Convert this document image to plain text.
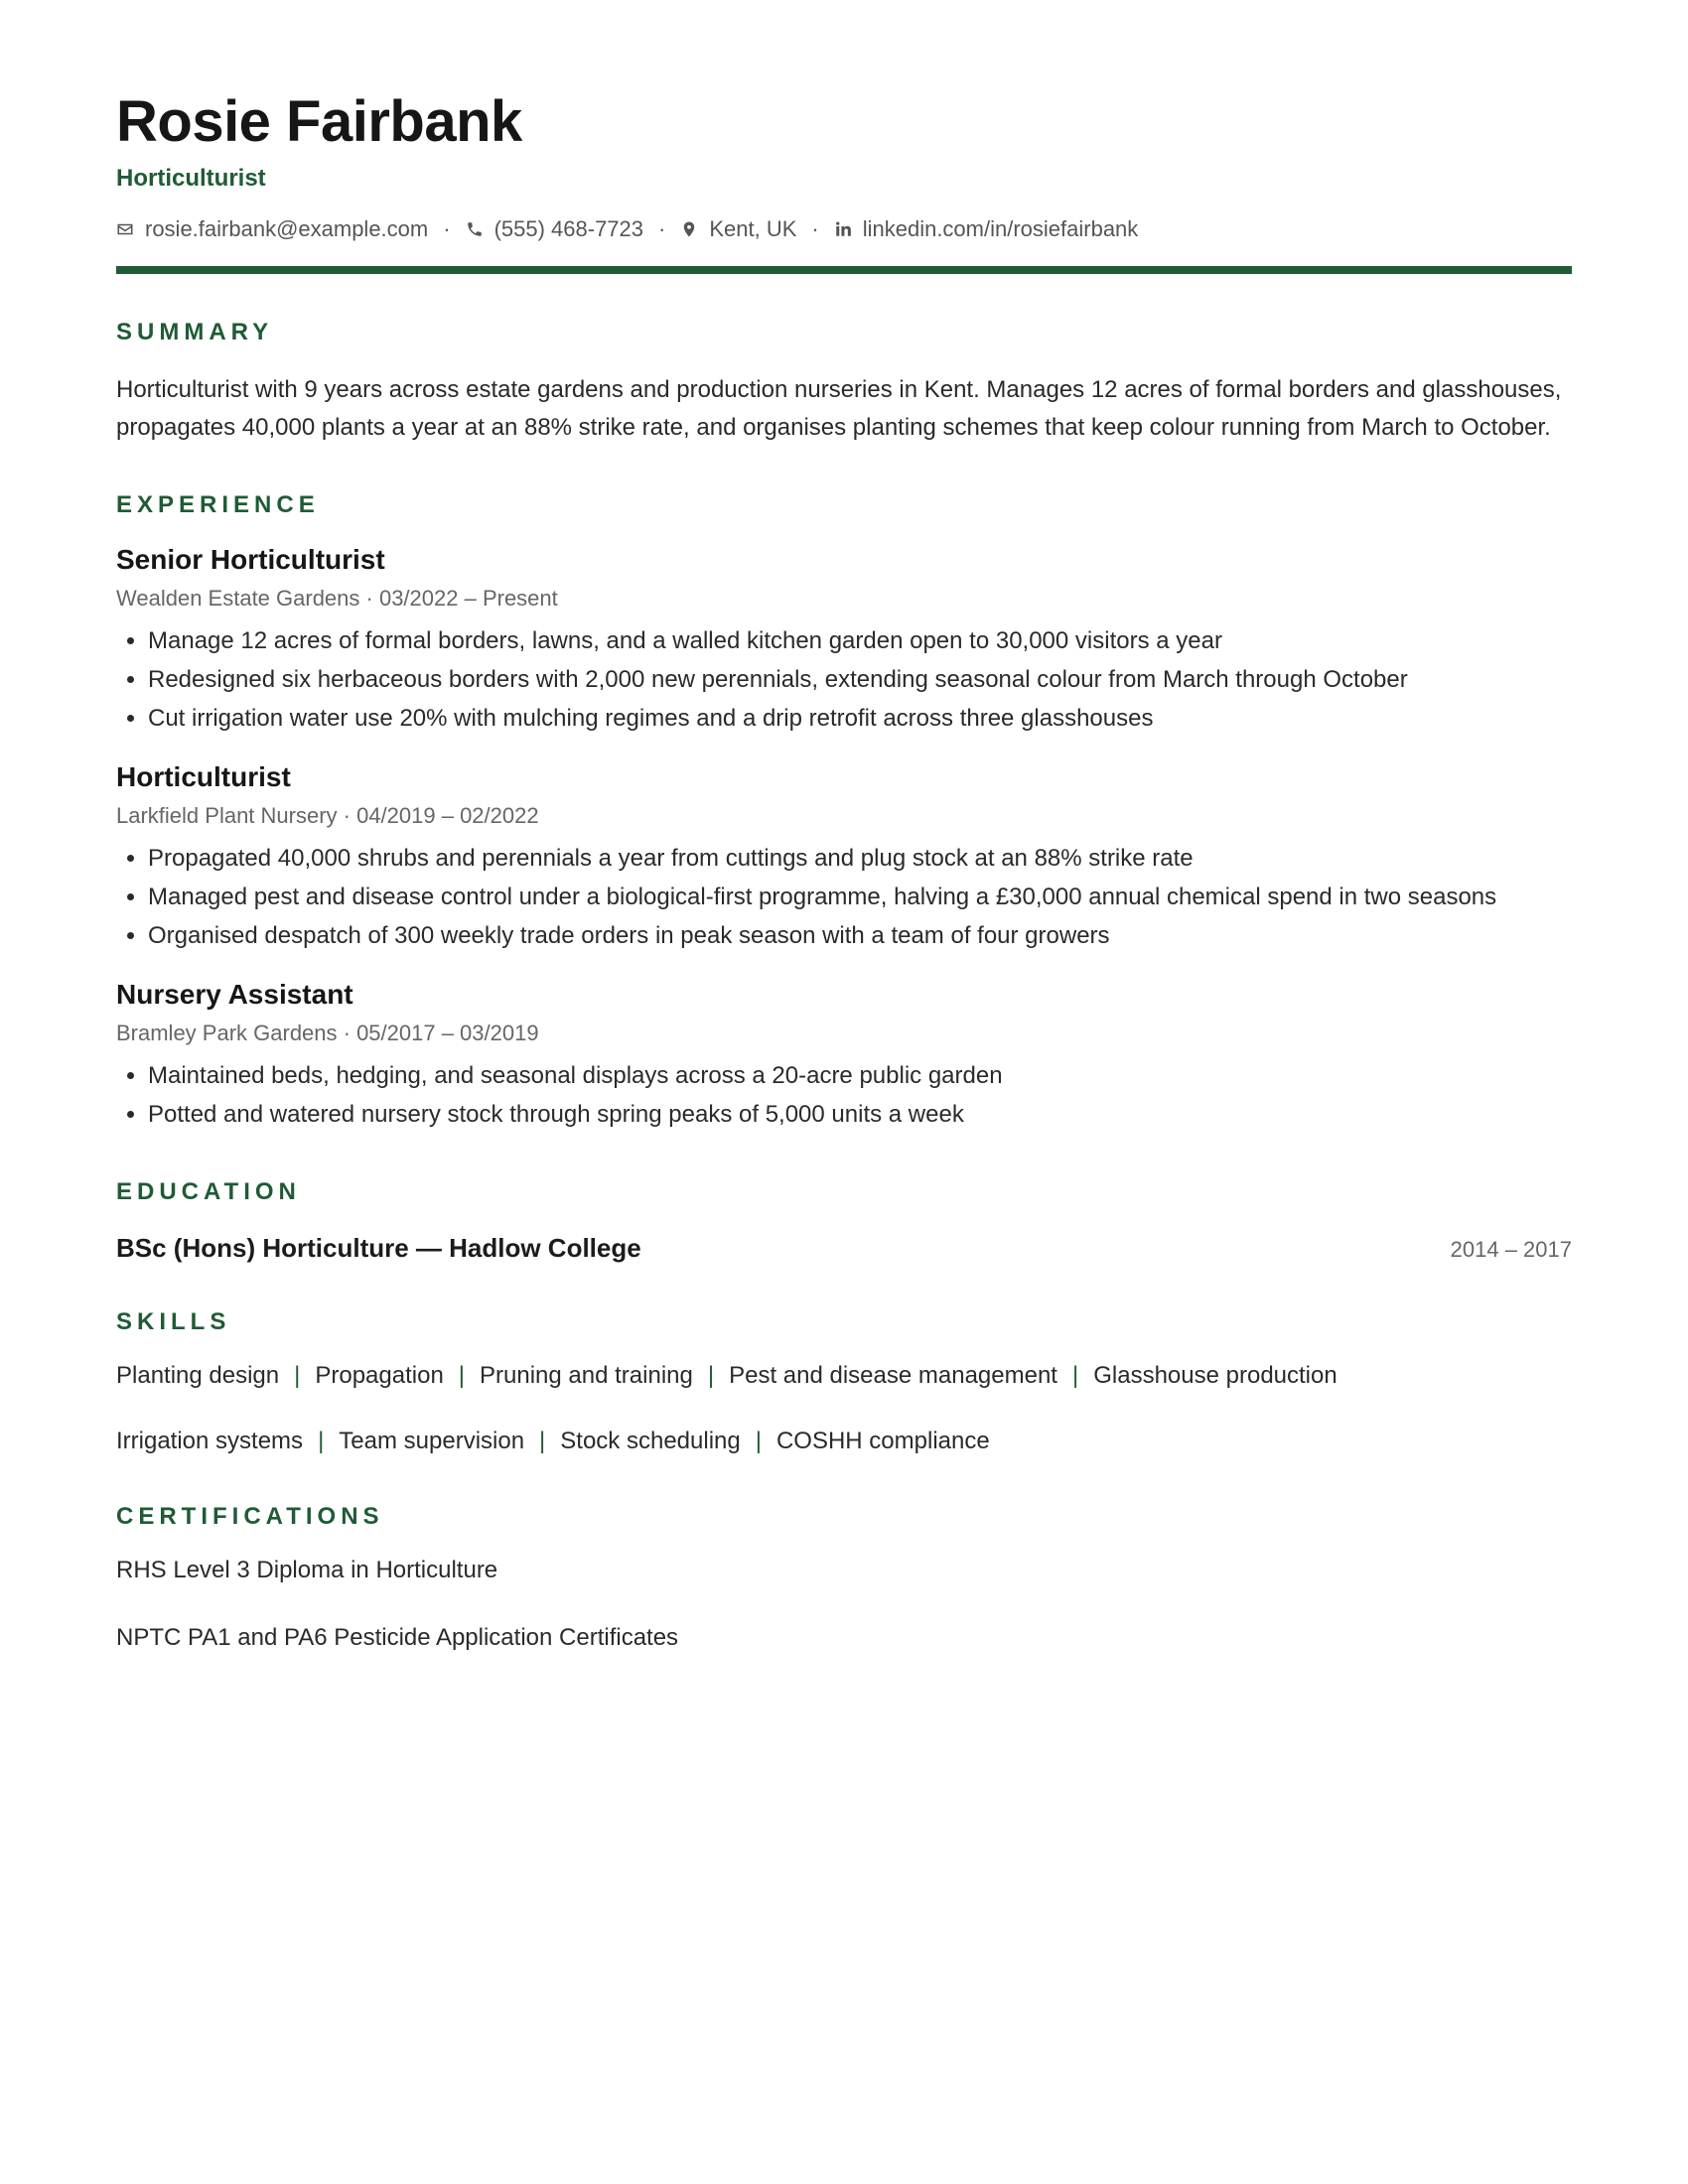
Rosie Fairbank
Horticulturist
rosie.fairbank@example.com · (555) 468-7723 · Kent, UK · linkedin.com/in/rosiefairbank
SUMMARY
Horticulturist with 9 years across estate gardens and production nurseries in Kent. Manages 12 acres of formal borders and glasshouses, propagates 40,000 plants a year at an 88% strike rate, and organises planting schemes that keep colour running from March to October.
EXPERIENCE
Senior Horticulturist
Wealden Estate Gardens · 03/2022 – Present
• Manage 12 acres of formal borders, lawns, and a walled kitchen garden open to 30,000 visitors a year
• Redesigned six herbaceous borders with 2,000 new perennials, extending seasonal colour from March through October
• Cut irrigation water use 20% with mulching regimes and a drip retrofit across three glasshouses
Horticulturist
Larkfield Plant Nursery · 04/2019 – 02/2022
• Propagated 40,000 shrubs and perennials a year from cuttings and plug stock at an 88% strike rate
• Managed pest and disease control under a biological-first programme, halving a £30,000 annual chemical spend in two seasons
• Organised despatch of 300 weekly trade orders in peak season with a team of four growers
Nursery Assistant
Bramley Park Gardens · 05/2017 – 03/2019
• Maintained beds, hedging, and seasonal displays across a 20-acre public garden
• Potted and watered nursery stock through spring peaks of 5,000 units a week
EDUCATION
BSc (Hons) Horticulture — Hadlow College	2014 – 2017
SKILLS
Planting design | Propagation | Pruning and training | Pest and disease management | Glasshouse production
Irrigation systems | Team supervision | Stock scheduling | COSHH compliance
CERTIFICATIONS
RHS Level 3 Diploma in Horticulture
NPTC PA1 and PA6 Pesticide Application Certificates
